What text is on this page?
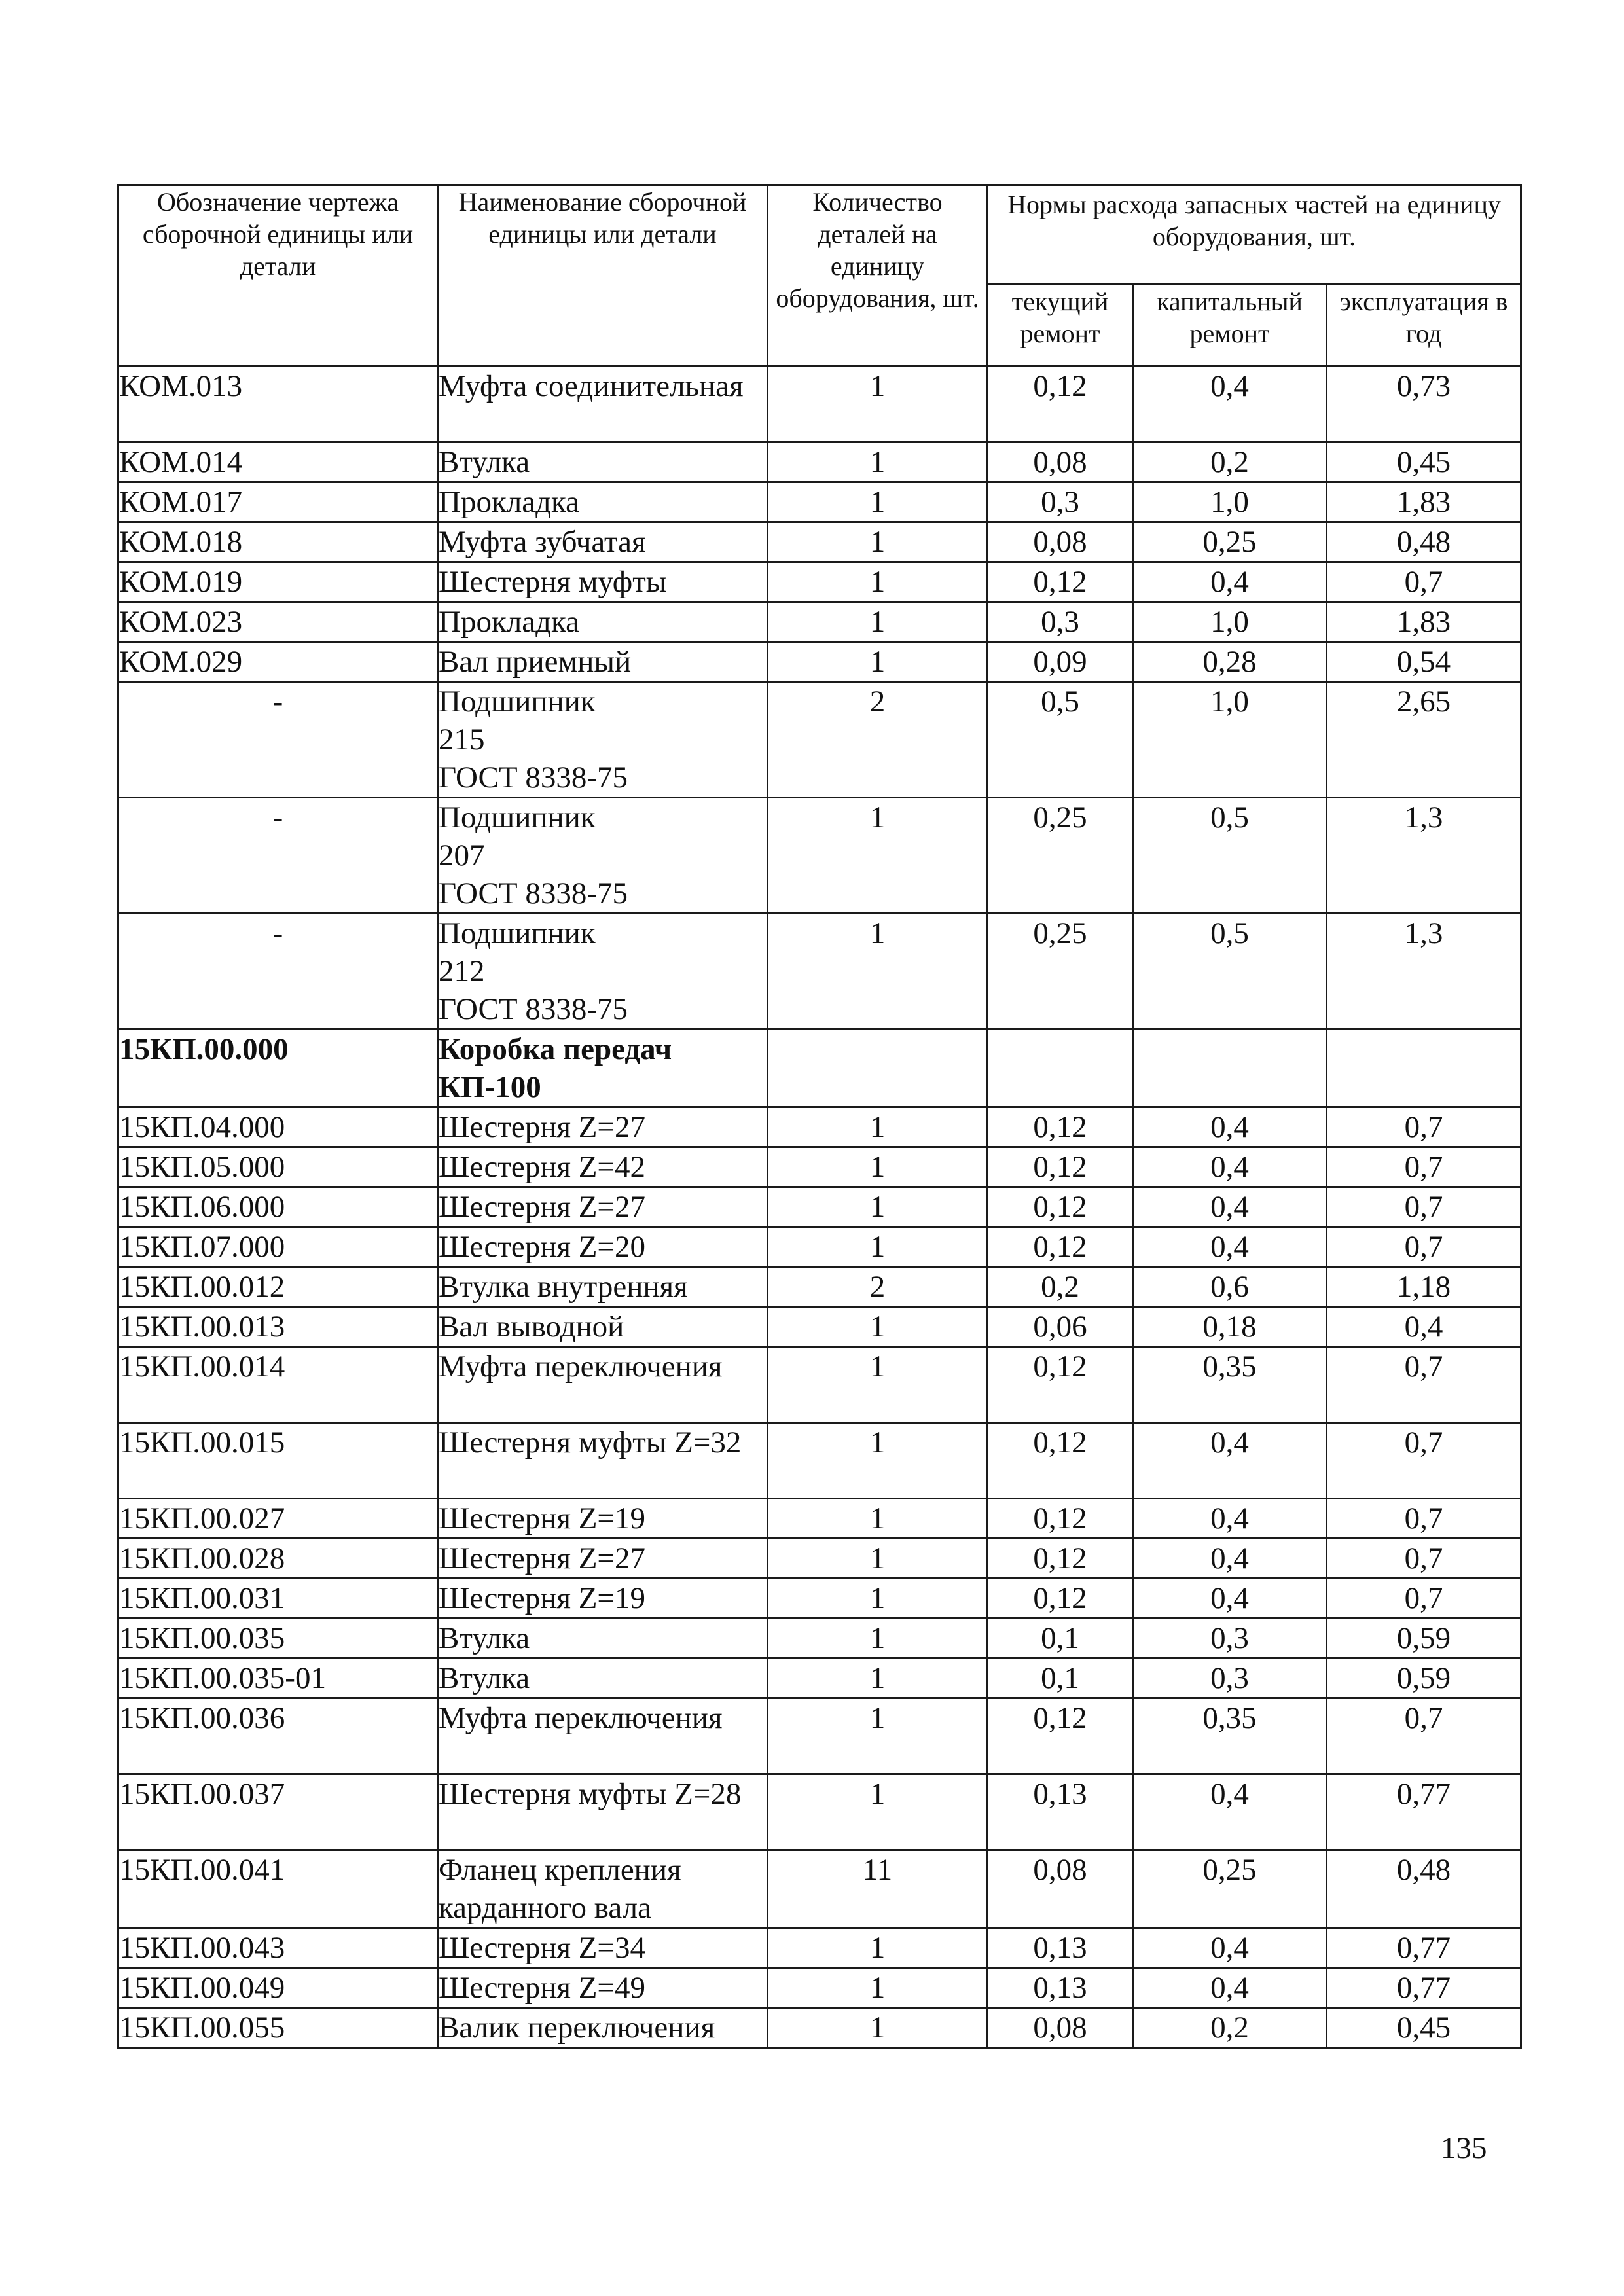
Обозначение чертежа сборочной единицы или детали	Наименование сборочной единицы или детали	Количество деталей на единицу оборудования, шт.	Нормы расхода запасных частей на единицу оборудования, шт.		
			текущий ремонт	капитальный ремонт	эксплуатация в год
КОМ.013	Муфта соединительная	1	0,12	0,4	0,73
КОМ.014	Втулка	1	0,08	0,2	0,45
КОМ.017	Прокладка	1	0,3	1,0	1,83
КОМ.018	Муфта зубчатая	1	0,08	0,25	0,48
КОМ.019	Шестерня муфты	1	0,12	0,4	0,7
КОМ.023	Прокладка	1	0,3	1,0	1,83
КОМ.029	Вал приемный	1	0,09	0,28	0,54
-	Подшипник
215
ГОСТ 8338-75	2	0,5	1,0	2,65
-	Подшипник
207
ГОСТ 8338-75	1	0,25	0,5	1,3
-	Подшипник
212
ГОСТ 8338-75	1	0,25	0,5	1,3
15КП.00.000	Коробка передач КП-100				
15КП.04.000	Шестерня Z=27	1	0,12	0,4	0,7
15КП.05.000	Шестерня Z=42	1	0,12	0,4	0,7
15КП.06.000	Шестерня Z=27	1	0,12	0,4	0,7
15КП.07.000	Шестерня Z=20	1	0,12	0,4	0,7
15КП.00.012	Втулка внутренняя	2	0,2	0,6	1,18
15КП.00.013	Вал выводной	1	0,06	0,18	0,4
15КП.00.014	Муфта переключения	1	0,12	0,35	0,7
15КП.00.015	Шестерня муфты Z=32	1	0,12	0,4	0,7
15КП.00.027	Шестерня Z=19	1	0,12	0,4	0,7
15КП.00.028	Шестерня Z=27	1	0,12	0,4	0,7
15КП.00.031	Шестерня Z=19	1	0,12	0,4	0,7
15КП.00.035	Втулка	1	0,1	0,3	0,59
15КП.00.035-01	Втулка	1	0,1	0,3	0,59
15КП.00.036	Муфта переключения	1	0,12	0,35	0,7
15КП.00.037	Шестерня муфты Z=28	1	0,13	0,4	0,77
15КП.00.041	Фланец крепления карданного вала	11	0,08	0,25	0,48
15КП.00.043	Шестерня Z=34	1	0,13	0,4	0,77
15КП.00.049	Шестерня Z=49	1	0,13	0,4	0,77
15КП.00.055	Валик переключения	1	0,08	0,2	0,45
135
